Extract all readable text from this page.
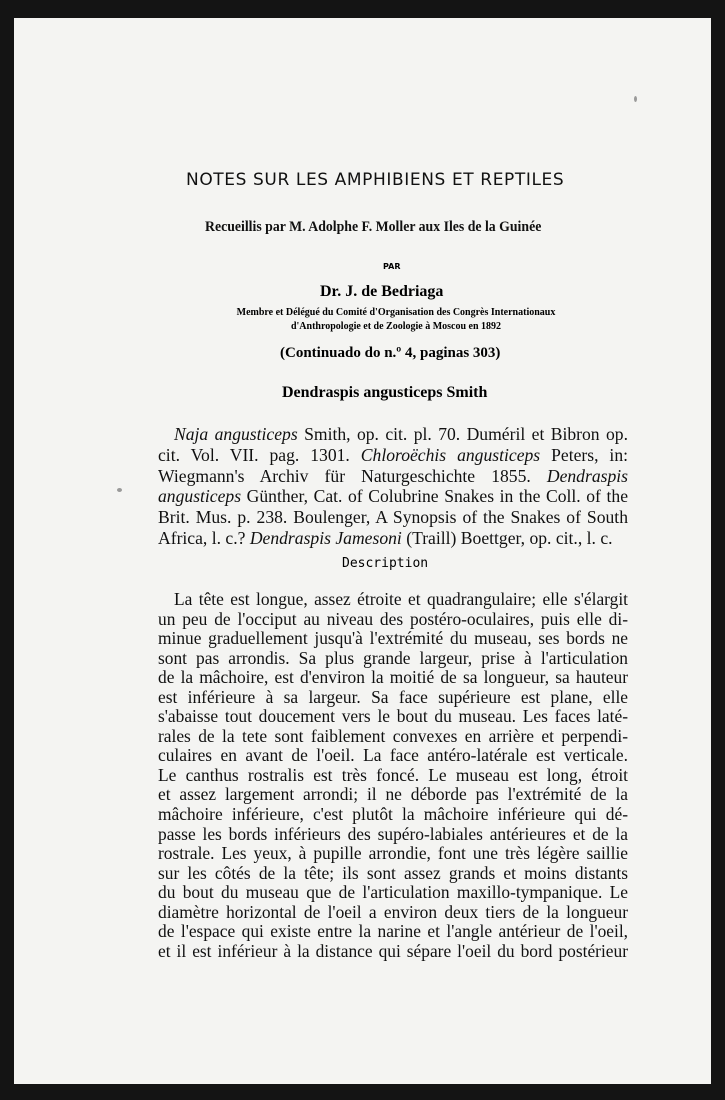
NOTES SUR LES AMPHIBIENS ET REPTILES
Recueillis par M. Adolphe F. Moller aux Iles de la Guinée
PAR
Dr. J. de Bedriaga
Membre et Délégué du Comité d'Organisation des Congrès Internationaux
d'Anthropologie et de Zoologie à Moscou en 1892
(Continuado do n.º 4, paginas 303)
Dendraspis angusticeps Smith
Naja angusticeps Smith, op. cit. pl. 70. Duméril et Bibron op. cit. Vol. VII. pag. 1301. Chloroëchis angusticeps Peters, in: Wiegmann's Archiv für Naturgeschichte 1855. Dendraspis angusticeps Günther, Cat. of Colubrine Snakes in the Coll. of the Brit. Mus. p. 238. Boulenger, A Synopsis of the Snakes of South Africa, l. c.? Dendraspis Jamesoni (Traill) Boettger, op. cit., l. c.
Description
La tête est longue, assez étroite et quadrangulaire; elle s'élargit
un peu de l'occiput au niveau des postéro-oculaires, puis elle di-
minue graduellement jusqu'à l'extrémité du museau, ses bords ne
sont pas arrondis. Sa plus grande largeur, prise à l'articulation
de la mâchoire, est d'environ la moitié de sa longueur, sa hauteur
est inférieure à sa largeur. Sa face supérieure est plane, elle
s'abaisse tout doucement vers le bout du museau. Les faces laté-
rales de la tete sont faiblement convexes en arrière et perpendi-
culaires en avant de l'oeil. La face antéro-latérale est verticale.
Le canthus rostralis est très foncé. Le museau est long, étroit
et assez largement arrondi; il ne déborde pas l'extrémité de la
mâchoire inférieure, c'est plutôt la mâchoire inférieure qui dé-
passe les bords inférieurs des supéro-labiales antérieures et de la
rostrale. Les yeux, à pupille arrondie, font une très légère saillie
sur les côtés de la tête; ils sont assez grands et moins distants
du bout du museau que de l'articulation maxillo-tympanique. Le
diamètre horizontal de l'oeil a environ deux tiers de la longueur
de l'espace qui existe entre la narine et l'angle antérieur de l'oeil,
et il est inférieur à la distance qui sépare l'oeil du bord postérieur
